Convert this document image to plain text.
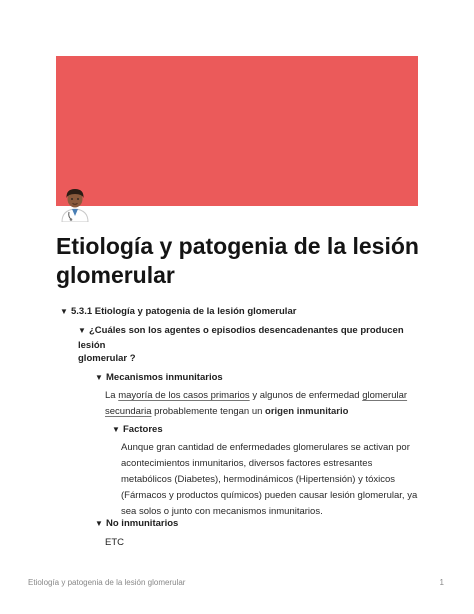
Etiología y patogenia de la lesión glomerular
▼ 5.3.1 Etiología y patogenia de la lesión glomerular
▼ ¿Cuáles son los agentes o episodios desencadenantes que producen
lesión
glomerular ?
▼ Mecanismos inmunitarios
La mayoría de los casos primarios y algunos de enfermedad glomerular
secundaria probablemente tengan un origen inmunitario
▼ Factores
Aunque gran cantidad de enfermedades glomerulares se activan por
acontecimientos inmunitarios, diversos factores estresantes
metabólicos (Diabetes), hermodinámicos (Hipertensión) y tóxicos
(Fármacos y productos químicos) pueden causar lesión glomerular, ya
sea solos o junto con mecanismos inmunitarios.
▼ No inmunitarios
ETC
Etiología y patogenia de la lesión glomerular	1
